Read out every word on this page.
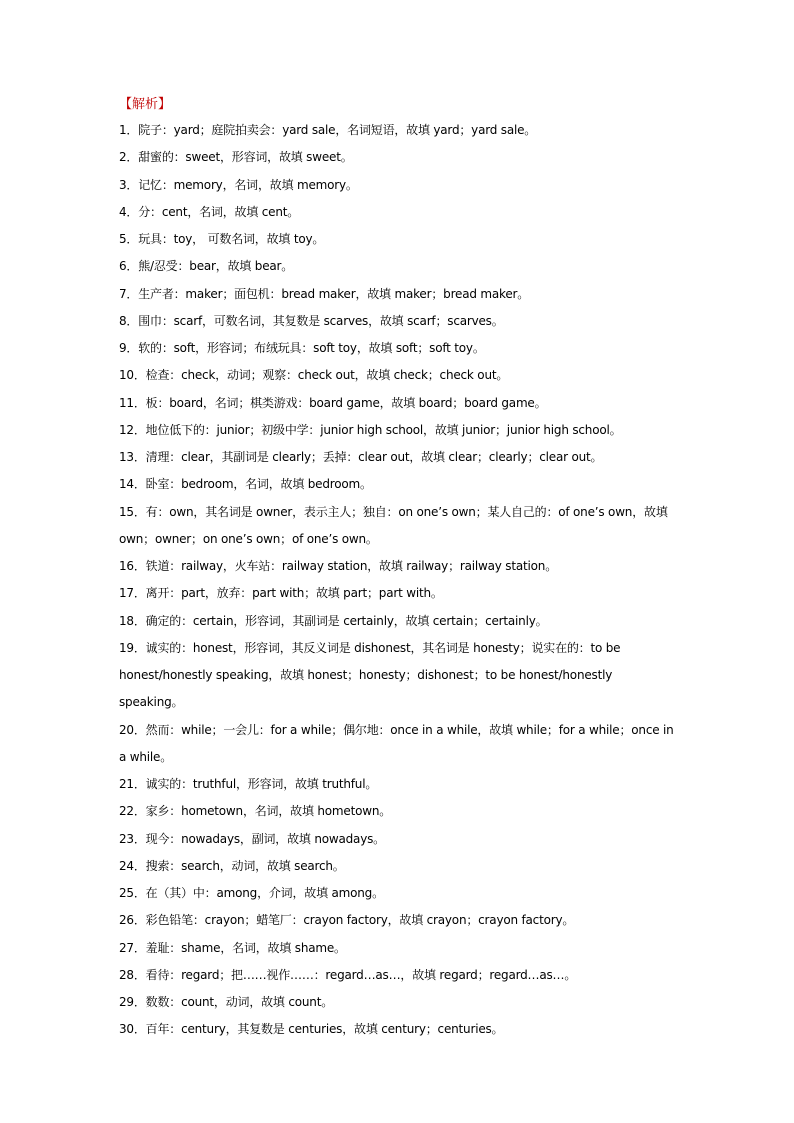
【解析】
1．院子：yard；庭院拍卖会：yard sale，名词短语，故填 yard；yard sale。
2．甜蜜的：sweet，形容词，故填 sweet。
3．记忆：memory，名词，故填 memory。
4．分：cent，名词，故填 cent。
5．玩具：toy， 可数名词，故填 toy。
6．熊/忍受：bear，故填 bear。
7．生产者：maker；面包机：bread maker，故填 maker；bread maker。
8．围巾：scarf，可数名词，其复数是 scarves，故填 scarf；scarves。
9．软的：soft，形容词；布绒玩具：soft toy，故填 soft；soft toy。
10．检查：check，动词；观察：check out，故填 check；check out。
11．板：board，名词；棋类游戏：board game，故填 board；board game。
12．地位低下的：junior；初级中学：junior high school，故填 junior；junior high school。
13．清理：clear，其副词是 clearly；丢掉：clear out，故填 clear；clearly；clear out。
14．卧室：bedroom，名词，故填 bedroom。
15．有：own，其名词是 owner，表示主人；独自：on one’s own；某人自己的：of one’s own，故填 own；owner；on one’s own；of one’s own。
16．铁道：railway，火车站：railway station，故填 railway；railway station。
17．离开：part，放弃：part with；故填 part；part with。
18．确定的：certain，形容词，其副词是 certainly，故填 certain；certainly。
19．诚实的：honest，形容词，其反义词是 dishonest，其名词是 honesty；说实在的：to be honest/honestly speaking，故填 honest；honesty；dishonest；to be honest/honestly speaking。
20．然而：while；一会儿：for a while；偶尔地：once in a while，故填 while；for a while；once in a while。
21．诚实的：truthful，形容词，故填 truthful。
22．家乡：hometown，名词，故填 hometown。
23．现今：nowadays，副词，故填 nowadays。
24．搜索：search，动词，故填 search。
25．在（其）中：among，介词，故填 among。
26．彩色铅笔：crayon；蜡笔厂：crayon factory，故填 crayon；crayon factory。
27．羞耻：shame，名词，故填 shame。
28．看待：regard；把……视作……：regard…as…，故填 regard；regard…as…。
29．数数：count，动词，故填 count。
30．百年：century，其复数是 centuries，故填 century；centuries。
